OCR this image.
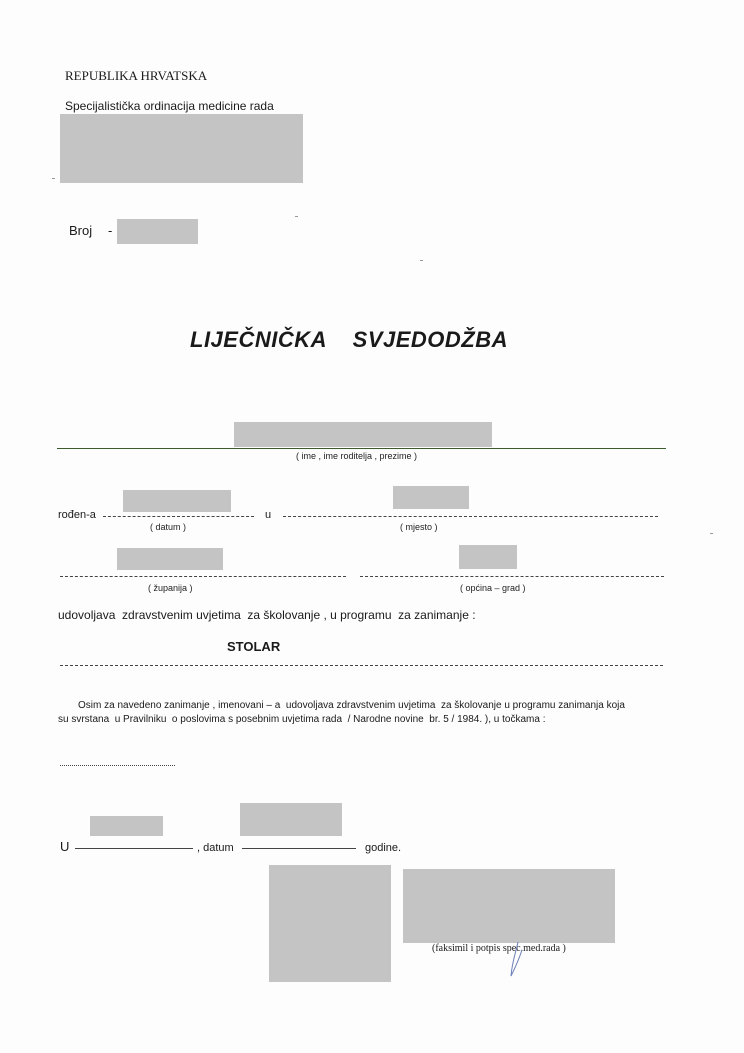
REPUBLIKA HRVATSKA
Specijalistička ordinacija medicine rada
Broj -
LIJEČNIČKA    SVJEDODŽBA
( ime , ime roditelja , prezime )
rođen-a	u
( datum )	( mjesto )
( županija )	( općina – grad )
udovoljava  zdravstvenim uvjetima  za školovanje , u programu  za zanimanje :
STOLAR
Osim za navedeno zanimanje , imenovani – a  udovoljava zdravstvenim uvjetima  za školovanje u programu zanimanja koja
su svrstana  u Pravilniku  o poslovima s posebnim uvjetima rada  / Narodne novine  br. 5 / 1984. ), u točkama :
U	, datum	godine.
(faksimil i potpis spec.med.rada )
